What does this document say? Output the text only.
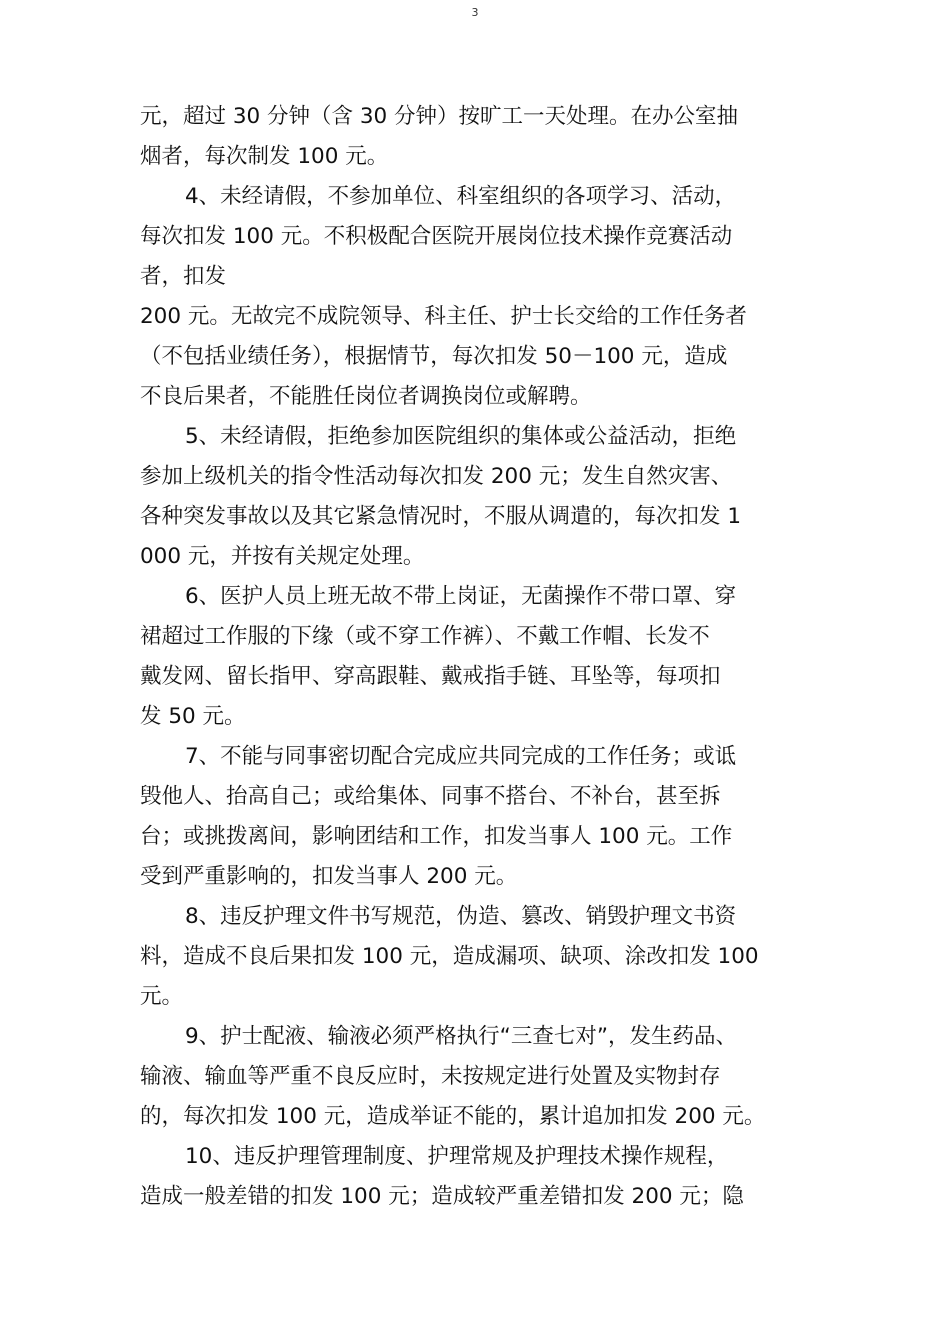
3
元，超过 30 分钟（含 30 分钟）按旷工一天处理。在办公室抽
烟者，每次制发 100 元。
4、未经请假，不参加单位、科室组织的各项学习、活动，
每次扣发 100 元。不积极配合医院开展岗位技术操作竞赛活动
者，扣发
200 元。无故完不成院领导、科主任、护士长交给的工作任务者
（不包括业绩任务），根据情节，每次扣发 50－100 元，造成
不良后果者，不能胜任岗位者调换岗位或解聘。
5、未经请假，拒绝参加医院组织的集体或公益活动，拒绝
参加上级机关的指令性活动每次扣发 200 元；发生自然灾害、
各种突发事故以及其它紧急情况时，不服从调遣的，每次扣发 1
000 元，并按有关规定处理。
6、医护人员上班无故不带上岗证，无菌操作不带口罩、穿
裙超过工作服的下缘（或不穿工作裤）、不戴工作帽、长发不
戴发网、留长指甲、穿高跟鞋、戴戒指手链、耳坠等，每项扣
发 50 元。
7、不能与同事密切配合完成应共同完成的工作任务；或诋
毁他人、抬高自己；或给集体、同事不搭台、不补台，甚至拆
台；或挑拨离间，影响团结和工作，扣发当事人 100 元。工作
受到严重影响的，扣发当事人 200 元。
8、违反护理文件书写规范，伪造、篡改、销毁护理文书资
料，造成不良后果扣发 100 元，造成漏项、缺项、涂改扣发 100
元。
9、护士配液、输液必须严格执行“三查七对”，发生药品、
输液、输血等严重不良反应时，未按规定进行处置及实物封存
的，每次扣发 100 元，造成举证不能的，累计追加扣发 200 元。
10、违反护理管理制度、护理常规及护理技术操作规程，
造成一般差错的扣发 100 元；造成较严重差错扣发 200 元；隐
